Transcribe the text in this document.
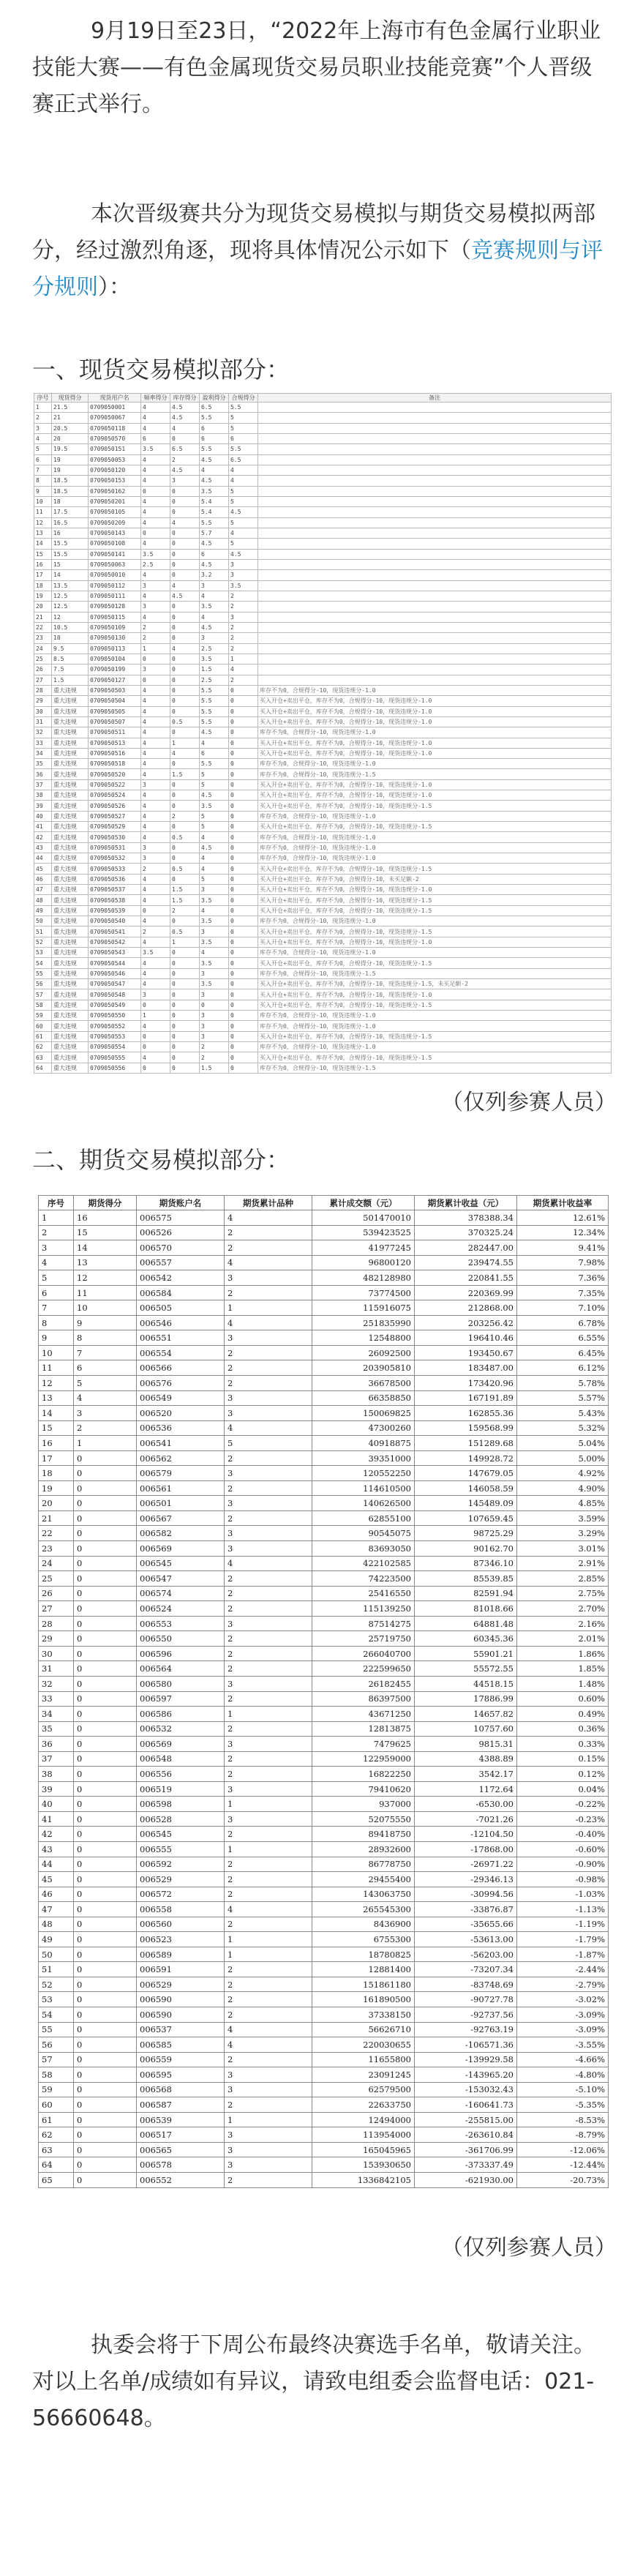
9月19日至23日，“2022年上海市有色金属行业职业技能大赛——有色金属现货交易员职业技能竞赛”个人晋级赛正式举行。
本次晋级赛共分为现货交易模拟与期货交易模拟两部分，经过激烈角逐，现将具体情况公示如下（竞赛规则与评分规则）：
一、现货交易模拟部分：
序号	现货得分	现货用户名	频率得分	库存得分	盈利得分	合规得分	备注
1	21.5	0709050001	4	4.5	6.5	5.5	
2	21	0709050067	4	4.5	5.5	5	
3	20.5	0709050118	4	4	6	5	
4	20	0709050570	6	0	6	6	
5	19.5	0709050151	3.5	6.5	5.5	5.5	
6	19	0709050053	4	2	4.5	6.5	
7	19	0709050120	4	4.5	4	4	
8	18.5	0709050153	4	3	4.5	4	
9	18.5	0709050162	0	0	3.5	5	
10	18	0709050201	4	0	5.4	5	
11	17.5	0709050105	4	0	5.4	4.5	
12	16.5	0709050209	4	4	5.5	5	
13	16	0709050143	0	0	5.7	4	
14	15.5	0709050108	4	0	4.5	5	
15	15.5	0709050141	3.5	0	6	4.5	
16	15	0709050063	2.5	0	4.5	3	
17	14	0709050010	4	0	3.2	3	
18	13.5	0709050112	3	4	3	3.5	
19	12.5	0709050111	4	4.5	4	2	
20	12.5	0709050128	3	0	3.5	2	
21	12	0709050115	4	0	4	3	
22	10.5	0709050109	2	0	4.5	2	
23	10	0709050130	2	0	3	2	
24	9.5	0709050113	1	4	2.5	2	
25	8.5	0709050104	0	0	3.5	1	
26	7.5	0709050199	3	0	1.5	4	
27	1.5	0709050127	0	0	2.5	2	
28	重大违规	0709050503	4	0	5.5	0	库存不为0，合规得分-10，现货违规分-1.0
29	重大违规	0709050504	4	0	5.5	0	买入开仓+卖出平仓，库存不为0，合规得分-10，现货违规分-1.0
30	重大违规	0709050505	4	0	5.5	0	买入开仓+卖出平仓，库存不为0，合规得分-10，现货违规分-1.0
31	重大违规	0709050507	4	0.5	5.5	0	买入开仓+卖出平仓，库存不为0，合规得分-10，现货违规分-1.0
32	重大违规	0709050511	4	0	4.5	0	库存不为0，合规得分-10，现货违规分-1.0
33	重大违规	0709050513	4	1	4	0	买入开仓+卖出平仓，库存不为0，合规得分-10，现货违规分-1.0
34	重大违规	0709050516	4	4	6	0	买入开仓+卖出平仓，库存不为0，合规得分-10，现货违规分-1.0
35	重大违规	0709050518	4	0	5.5	0	库存不为0，合规得分-10，现货违规分-1.0
36	重大违规	0709050520	4	1.5	5	0	库存不为0，合规得分-10，现货违规分-1.5
37	重大违规	0709050522	3	0	5	0	买入开仓+卖出平仓，库存不为0，合规得分-10，现货违规分-1.0
38	重大违规	0709050524	4	0	4.5	0	买入开仓+卖出平仓，库存不为0，合规得分-10，现货违规分-1.0
39	重大违规	0709050526	4	0	3.5	0	买入开仓+卖出平仓，库存不为0，合规得分-10，现货违规分-1.5
40	重大违规	0709050527	4	2	5	0	库存不为0，合规得分-10，现货违规分-1.0
41	重大违规	0709050529	4	0	5	0	买入开仓+卖出平仓，库存不为0，合规得分-10，现货违规分-1.5
42	重大违规	0709050530	4	0.5	4	0	库存不为0，合规得分-10，现货违规分-1.0
43	重大违规	0709050531	3	0	4.5	0	库存不为0，合规得分-10，现货违规分-1.0
44	重大违规	0709050532	3	0	4	0	库存不为0，合规得分-10，现货违规分-1.0
45	重大违规	0709050533	2	0.5	4	0	买入开仓+卖出平仓，库存不为0，合规得分-10，现货违规分-1.5
46	重大违规	0709050536	4	0	5	0	买入开仓+卖出平仓，库存不为0，合规得分-10，未买足额-2
47	重大违规	0709050537	4	1.5	3	0	买入开仓+卖出平仓，库存不为0，合规得分-10，现货违规分-1.0
48	重大违规	0709050538	4	1.5	3.5	0	买入开仓+卖出平仓，库存不为0，合规得分-10，现货违规分-1.5
49	重大违规	0709050539	0	2	4	0	买入开仓+卖出平仓，库存不为0，合规得分-10，现货违规分-1.5
50	重大违规	0709050540	4	0	3.5	0	库存不为0，合规得分-10，现货违规分-1.0
51	重大违规	0709050541	2	0.5	3	0	买入开仓+卖出平仓，库存不为0，合规得分-10，现货违规分-1.5
52	重大违规	0709050542	4	1	3.5	0	买入开仓+卖出平仓，库存不为0，合规得分-10，现货违规分-1.0
53	重大违规	0709050543	3.5	0	4	0	库存不为0，合规得分-10，现货违规分-1.0
54	重大违规	0709050544	4	0	3.5	0	买入开仓+卖出平仓，库存不为0，合规得分-10，现货违规分-1.5
55	重大违规	0709050546	4	0	3	0	库存不为0，合规得分-10，现货违规分-1.5
56	重大违规	0709050547	4	0	3.5	0	买入开仓+卖出平仓，库存不为0，合规得分-10，现货违规分-1.5，未买足额-2
57	重大违规	0709050548	3	0	3	0	买入开仓+卖出平仓，库存不为0，合规得分-10，现货违规分-1.0
58	重大违规	0709050549	0	0	0	0	买入开仓+卖出平仓，库存不为0，合规得分-10，现货违规分-1.5
59	重大违规	0709050550	1	0	3	0	库存不为0，合规得分-10，现货违规分-1.0
60	重大违规	0709050552	4	0	3	0	库存不为0，合规得分-10，现货违规分-1.0
61	重大违规	0709050553	0	0	3	0	买入开仓+卖出平仓，库存不为0，合规得分-10，现货违规分-1.5
62	重大违规	0709050554	0	0	2	0	库存不为0，合规得分-10，现货违规分-1.0
63	重大违规	0709050555	4	0	2	0	买入开仓+卖出平仓，库存不为0，合规得分-10，现货违规分-1.5
64	重大违规	0709050556	0	0	1.5	0	库存不为0，合规得分-10，现货违规分-1.5
（仅列参赛人员）
二、期货交易模拟部分：
序号	期货得分	期货账户名	期货累计品种	累计成交额（元）	期货累计收益（元）	期货累计收益率
1	16	006575	4	501470010	378388.34	12.61%
2	15	006526	2	539423525	370325.24	12.34%
3	14	006570	2	41977245	282447.00	9.41%
4	13	006557	4	96800120	239474.55	7.98%
5	12	006542	3	482128980	220841.55	7.36%
6	11	006584	2	73774500	220369.99	7.35%
7	10	006505	1	115916075	212868.00	7.10%
8	9	006546	4	251835990	203256.42	6.78%
9	8	006551	3	12548800	196410.46	6.55%
10	7	006554	2	26092500	193450.67	6.45%
11	6	006566	2	203905810	183487.00	6.12%
12	5	006576	2	36678500	173420.96	5.78%
13	4	006549	3	66358850	167191.89	5.57%
14	3	006520	3	150069825	162855.36	5.43%
15	2	006536	4	47300260	159568.99	5.32%
16	1	006541	5	40918875	151289.68	5.04%
17	0	006562	2	39351000	149928.72	5.00%
18	0	006579	3	120552250	147679.05	4.92%
19	0	006561	2	114610500	146058.59	4.90%
20	0	006501	3	140626500	145489.09	4.85%
21	0	006567	2	62855100	107659.45	3.59%
22	0	006582	3	90545075	98725.29	3.29%
23	0	006569	3	83693050	90162.70	3.01%
24	0	006545	4	422102585	87346.10	2.91%
25	0	006547	2	74223500	85539.85	2.85%
26	0	006574	2	25416550	82591.94	2.75%
27	0	006524	2	115139250	81018.66	2.70%
28	0	006553	3	87514275	64881.48	2.16%
29	0	006550	2	25719750	60345.36	2.01%
30	0	006596	2	266040700	55901.21	1.86%
31	0	006564	2	222599650	55572.55	1.85%
32	0	006580	3	26182455	44518.15	1.48%
33	0	006597	2	86397500	17886.99	0.60%
34	0	006586	1	43671250	14657.82	0.49%
35	0	006532	2	12813875	10757.60	0.36%
36	0	006569	3	7479625	9815.31	0.33%
37	0	006548	2	122959000	4388.89	0.15%
38	0	006556	2	16822250	3542.17	0.12%
39	0	006519	3	79410620	1172.64	0.04%
40	0	006598	1	937000	-6530.00	-0.22%
41	0	006528	3	52075550	-7021.26	-0.23%
42	0	006545	2	89418750	-12104.50	-0.40%
43	0	006555	1	28932600	-17868.00	-0.60%
44	0	006592	2	86778750	-26971.22	-0.90%
45	0	006529	2	29455400	-29346.13	-0.98%
46	0	006572	2	143063750	-30994.56	-1.03%
47	0	006558	4	265545300	-33876.87	-1.13%
48	0	006560	2	8436900	-35655.66	-1.19%
49	0	006523	1	6755300	-53613.00	-1.79%
50	0	006589	1	18780825	-56203.00	-1.87%
51	0	006591	2	12881400	-73207.34	-2.44%
52	0	006529	2	151861180	-83748.69	-2.79%
53	0	006590	2	161890500	-90727.78	-3.02%
54	0	006590	2	37338150	-92737.56	-3.09%
55	0	006537	4	56626710	-92763.19	-3.09%
56	0	006585	4	220030655	-106571.36	-3.55%
57	0	006559	2	11655800	-139929.58	-4.66%
58	0	006595	3	23091245	-143965.20	-4.80%
59	0	006568	3	62579500	-153032.43	-5.10%
60	0	006587	2	22633750	-160641.73	-5.35%
61	0	006539	1	12494000	-255815.00	-8.53%
62	0	006517	3	113954000	-263610.84	-8.79%
63	0	006565	3	165045965	-361706.99	-12.06%
64	0	006578	3	153930650	-373337.49	-12.44%
65	0	006552	2	1336842105	-621930.00	-20.73%
（仅列参赛人员）
执委会将于下周公布最终决赛选手名单，敬请关注。对以上名单/成绩如有异议，请致电组委会监督电话：021-56660648。
